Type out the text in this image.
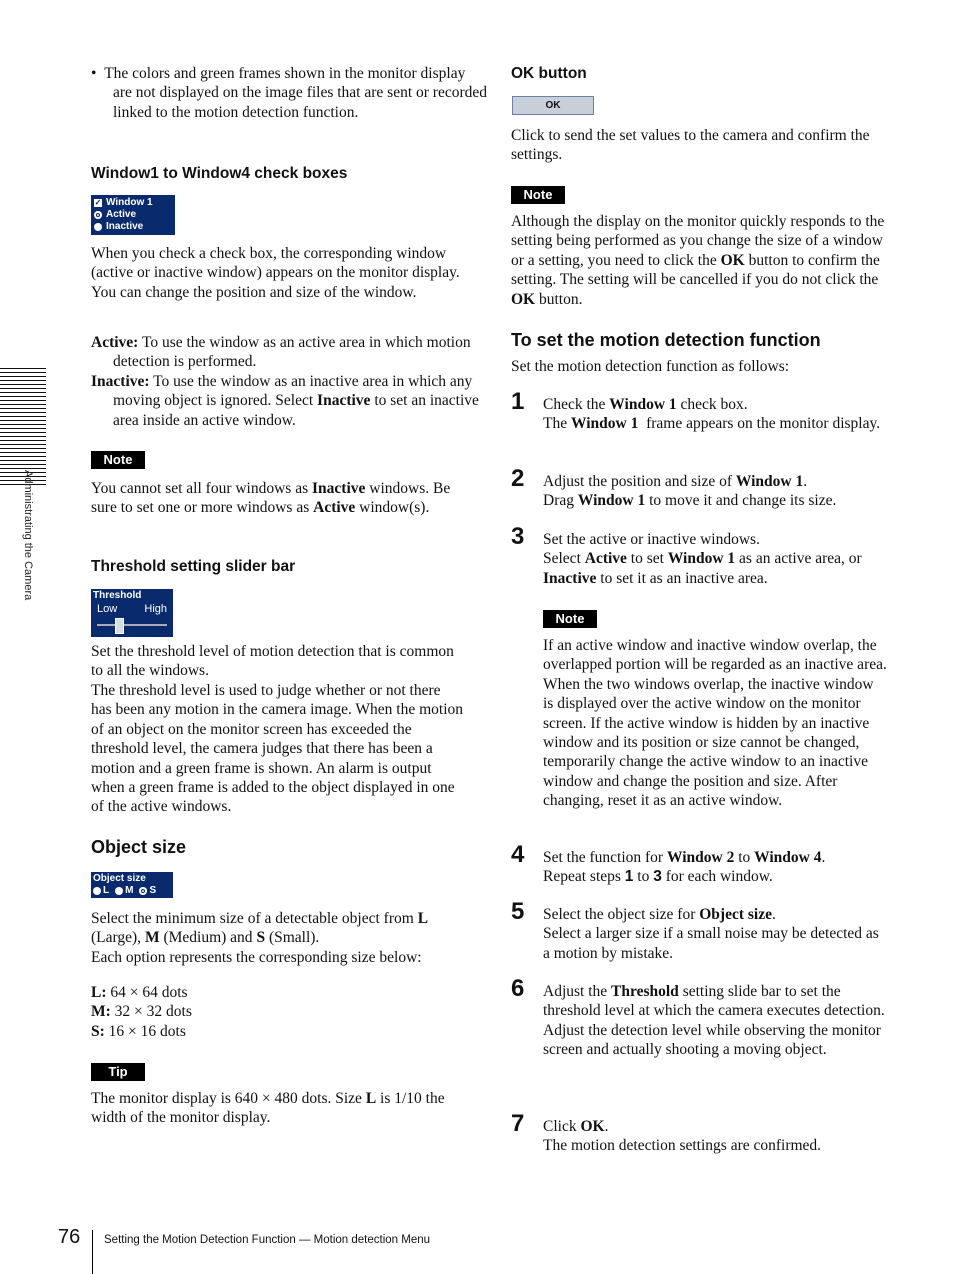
Administrating the Camera

•  The colors and green frames shown in the monitor display are not displayed on the image files that are sent or recorded linked to the motion detection function.

Window1 to Window4 check boxes

✓ Window 1
Active
Inactive

When you check a check box, the corresponding window (active or inactive window) appears on the monitor display. You can change the position and size of the window.

Active: To use the window as an active area in which motion detection is performed.

Inactive: To use the window as an inactive area in which any moving object is ignored. Select Inactive to set an inactive area inside an active window.

Note

You cannot set all four windows as Inactive windows. Be sure to set one or more windows as Active window(s).

Threshold setting slider bar

Threshold
Low High

Set the threshold level of motion detection that is common to all the windows.

The threshold level is used to judge whether or not there has been any motion in the camera image. When the motion of an object on the monitor screen has exceeded the threshold level, the camera judges that there has been a motion and a green frame is shown. An alarm is output when a green frame is added to the object displayed in one of the active windows.

Object size

Object size
L M S

Select the minimum size of a detectable object from L (Large), M (Medium) and S (Small).
Each option represents the corresponding size below:

L: 64 × 64 dots

M: 32 × 32 dots

S: 16 × 16 dots

Tip

The monitor display is 640 × 480 dots. Size L is 1/10 the width of the monitor display.

OK button

OK

Click to send the set values to the camera and confirm the settings.

Note

Although the display on the monitor quickly responds to the setting being performed as you change the size of a window or a setting, you need to click the OK button to confirm the setting. The setting will be cancelled if you do not click the OK button.

To set the motion detection function

Set the motion detection function as follows:

1 Check the Window 1 check box.
The Window 1 frame appears on the monitor display.

2 Adjust the position and size of Window 1.
Drag Window 1 to move it and change its size.

3 Set the active or inactive windows.
Select Active to set Window 1 as an active area, or Inactive to set it as an inactive area.

Note

If an active window and inactive window overlap, the overlapped portion will be regarded as an inactive area.
When the two windows overlap, the inactive window is displayed over the active window on the monitor screen. If the active window is hidden by an inactive window and its position or size cannot be changed, temporarily change the active window to an inactive window and change the position and size. After changing, reset it as an active window.

4 Set the function for Window 2 to Window 4.
Repeat steps 1 to 3 for each window.

5 Select the object size for Object size.
Select a larger size if a small noise may be detected as a motion by mistake.

6 Adjust the Threshold setting slide bar to set the threshold level at which the camera executes detection.
Adjust the detection level while observing the monitor screen and actually shooting a moving object.

7 Click OK.
The motion detection settings are confirmed.

76 Setting the Motion Detection Function — Motion detection Menu
